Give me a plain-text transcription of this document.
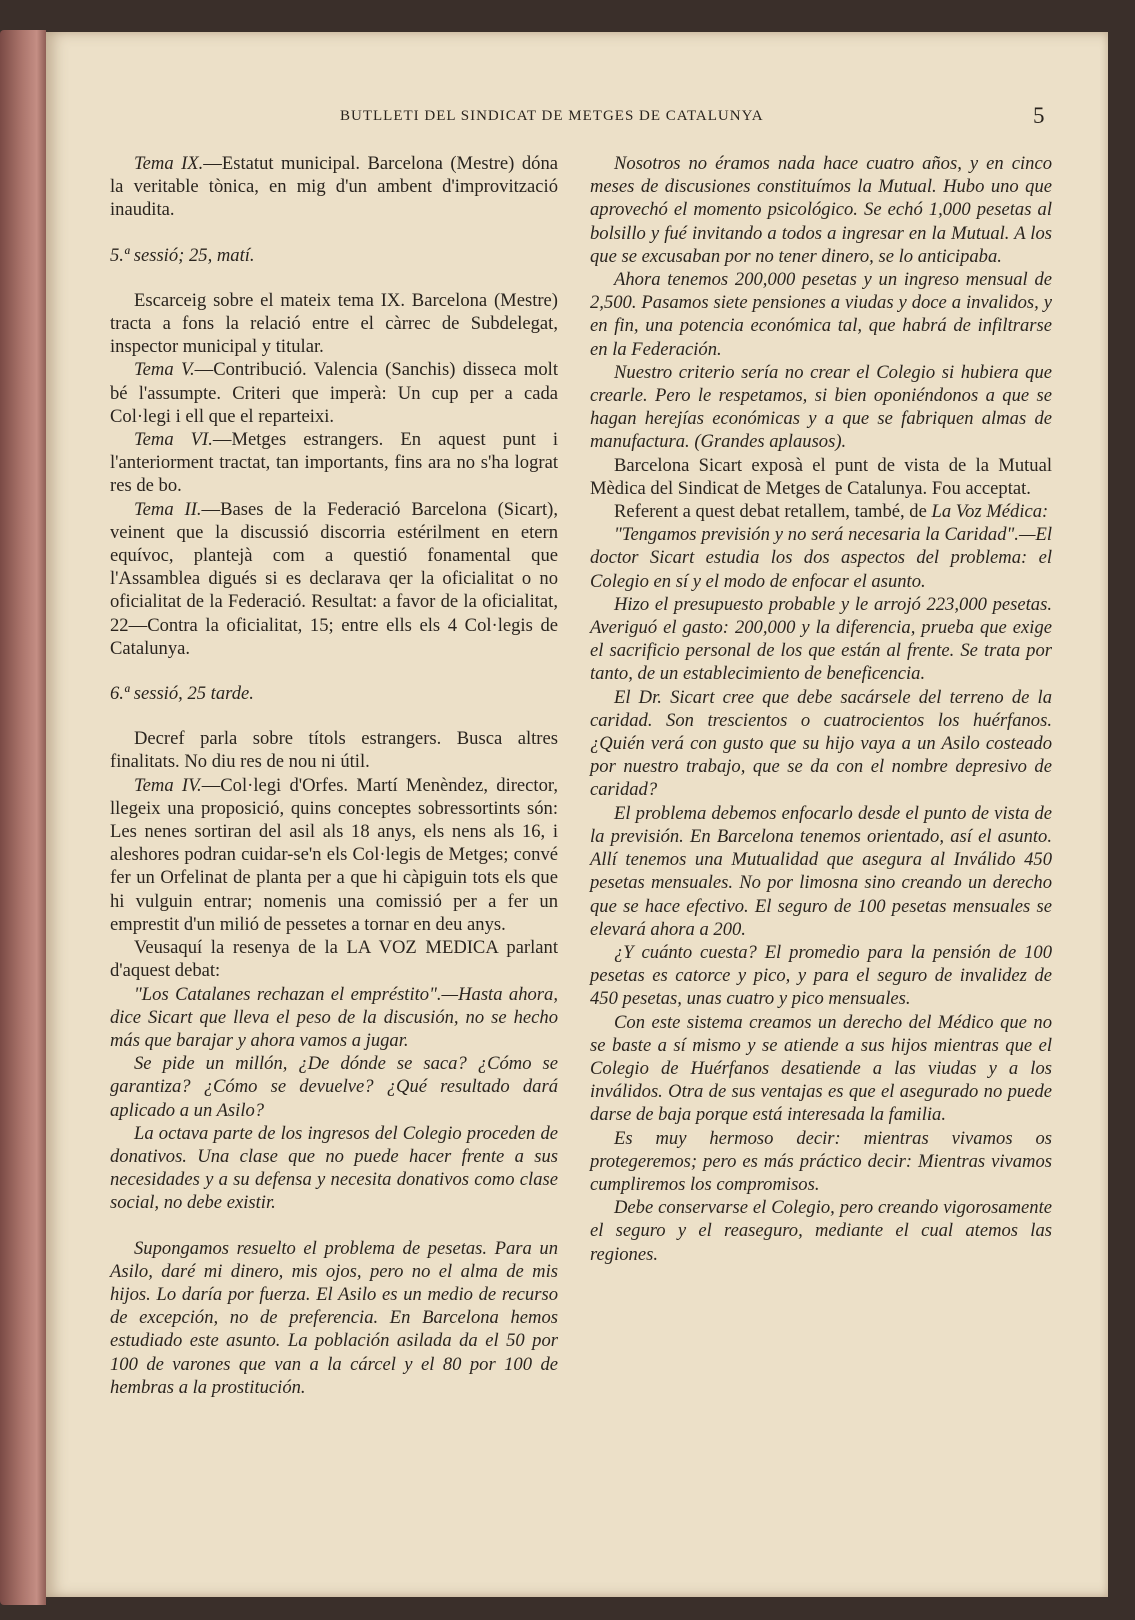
BUTLLETI DEL SINDICAT DE METGES DE CATALUNYA	5

Tema IX.—Estatut municipal. Barcelona (Mestre) dóna la veritable tònica, en mig d'un ambent d'improvització inaudita.

5.ª sessió; 25, matí.

Escarceig sobre el mateix tema IX. Barcelona (Mestre) tracta a fons la relació entre el càrrec de Subdelegat, inspector municipal y titular.

Tema V.—Contribució. Valencia (Sanchis) disseca molt bé l'assumpte. Criteri que imperà: Un cup per a cada Col·legi i ell que el reparteixi.

Tema VI.—Metges estrangers. En aquest punt i l'anteriorment tractat, tan importants, fins ara no s'ha lograt res de bo.

Tema II.—Bases de la Federació Barcelona (Sicart), veinent que la discussió discorria estérilment en etern equívoc, plantejà com a questió fonamental que l'Assamblea digués si es declarava qer la oficialitat o no oficialitat de la Federació. Resultat: a favor de la oficialitat, 22—Contra la oficialitat, 15; entre ells els 4 Col·legis de Catalunya.

6.ª sessió, 25 tarde.

Decref parla sobre títols estrangers. Busca altres finalitats. No diu res de nou ni útil.

Tema IV.—Col·legi d'Orfes. Martí Menèndez, director, llegeix una proposició, quins conceptes sobressortints són: Les nenes sortiran del asil als 18 anys, els nens als 16, i aleshores podran cuidar-se'n els Col·legis de Metges; convé fer un Orfelinat de planta per a que hi càpiguin tots els que hi vulguin entrar; nomenis una comissió per a fer un emprestit d'un milió de pessetes a tornar en deu anys.

Veusaquí la resenya de la LA VOZ MEDICA parlant d'aquest debat:

"Los Catalanes rechazan el empréstito".—Hasta ahora, dice Sicart que lleva el peso de la discusión, no se hecho más que barajar y ahora vamos a jugar.

Se pide un millón, ¿De dónde se saca? ¿Cómo se garantiza? ¿Cómo se devuelve? ¿Qué resultado dará aplicado a un Asilo?

La octava parte de los ingresos del Colegio proceden de donativos. Una clase que no puede hacer frente a sus necesidades y a su defensa y necesita donativos como clase social, no debe existir.

Supongamos resuelto el problema de pesetas. Para un Asilo, daré mi dinero, mis ojos, pero no el alma de mis hijos. Lo daría por fuerza. El Asilo es un medio de recurso de excepción, no de preferencia. En Barcelona hemos estudiado este asunto. La población asilada da el 50 por 100 de varones que van a la cárcel y el 80 por 100 de hembras a la prostitución.

Nosotros no éramos nada hace cuatro años, y en cinco meses de discusiones constituímos la Mutual. Hubo uno que aprovechó el momento psicológico. Se echó 1,000 pesetas al bolsillo y fué invitando a todos a ingresar en la Mutual. A los que se excusaban por no tener dinero, se lo anticipaba.

Ahora tenemos 200,000 pesetas y un ingreso mensual de 2,500. Pasamos siete pensiones a viudas y doce a invalidos, y en fin, una potencia económica tal, que habrá de infiltrarse en la Federación.

Nuestro criterio sería no crear el Colegio si hubiera que crearle. Pero le respetamos, si bien oponiéndonos a que se hagan herejías económicas y a que se fabriquen almas de manufactura. (Grandes aplausos).

Barcelona Sicart exposà el punt de vista de la Mutual Mèdica del Sindicat de Metges de Catalunya. Fou acceptat.

Referent a quest debat retallem, també, de La Voz Médica:

"Tengamos previsión y no será necesaria la Caridad".—El doctor Sicart estudia los dos aspectos del problema: el Colegio en sí y el modo de enfocar el asunto.

Hizo el presupuesto probable y le arrojó 223,000 pesetas. Averiguó el gasto: 200,000 y la diferencia, prueba que exige el sacrificio personal de los que están al frente. Se trata por tanto, de un establecimiento de beneficencia.

El Dr. Sicart cree que debe sacársele del terreno de la caridad. Son trescientos o cuatrocientos los huérfanos. ¿Quién verá con gusto que su hijo vaya a un Asilo costeado por nuestro trabajo, que se da con el nombre depresivo de caridad?

El problema debemos enfocarlo desde el punto de vista de la previsión. En Barcelona tenemos orientado, así el asunto. Allí tenemos una Mutualidad que asegura al Inválido 450 pesetas mensuales. No por limosna sino creando un derecho que se hace efectivo. El seguro de 100 pesetas mensuales se elevará ahora a 200.

¿Y cuánto cuesta? El promedio para la pensión de 100 pesetas es catorce y pico, y para el seguro de invalidez de 450 pesetas, unas cuatro y pico mensuales.

Con este sistema creamos un derecho del Médico que no se baste a sí mismo y se atiende a sus hijos mientras que el Colegio de Huérfanos desatiende a las viudas y a los inválidos. Otra de sus ventajas es que el asegurado no puede darse de baja porque está interesada la familia.

Es muy hermoso decir: mientras vivamos os protegeremos; pero es más práctico decir: Mientras vivamos cumpliremos los compromisos.

Debe conservarse el Colegio, pero creando vigorosamente el seguro y el reaseguro, mediante el cual atemos las regiones.
